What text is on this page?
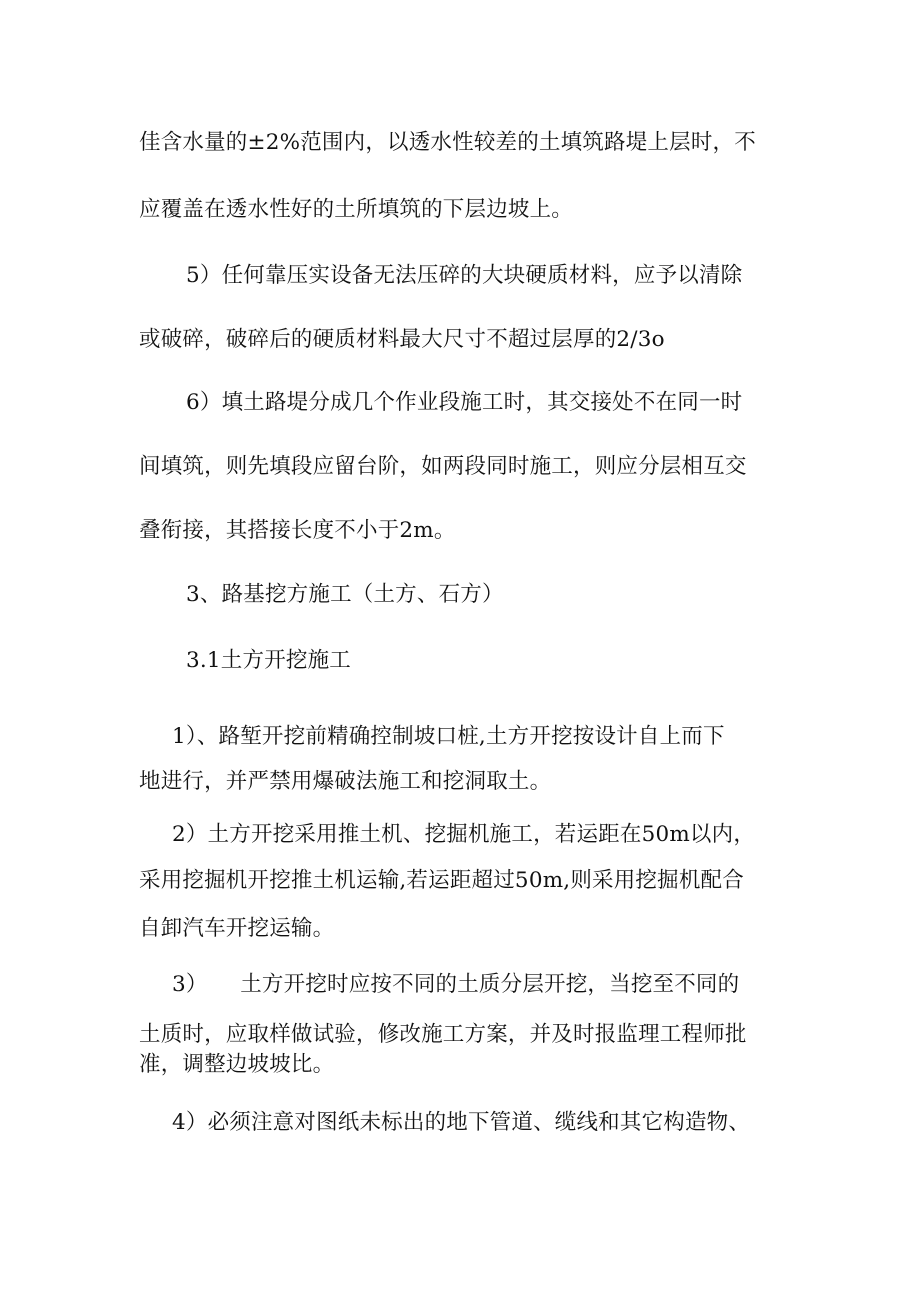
佳含水量的±2%范围内，以透水性较差的土填筑路堤上层时，不
应覆盖在透水性好的土所填筑的下层边坡上。
5）任何靠压实设备无法压碎的大块硬质材料，应予以清除
或破碎，破碎后的硬质材料最大尺寸不超过层厚的2/3o
6）填土路堤分成几个作业段施工时，其交接处不在同一时
间填筑，则先填段应留台阶，如两段同时施工，则应分层相互交
叠衔接，其搭接长度不小于2m。
3、路基挖方施工（土方、石方）
3.1土方开挖施工
1）、路堑开挖前精确控制坡口桩,土方开挖按设计自上而下
地进行，并严禁用爆破法施工和挖洞取土。
2）土方开挖采用推土机、挖掘机施工，若运距在50m以内，
采用挖掘机开挖推土机运输,若运距超过50m,则采用挖掘机配合
自卸汽车开挖运输。
3）　　土方开挖时应按不同的土质分层开挖，当挖至不同的
土质时，应取样做试验，修改施工方案，并及时报监理工程师批
准，调整边坡坡比。
4）必须注意对图纸未标出的地下管道、缆线和其它构造物、
